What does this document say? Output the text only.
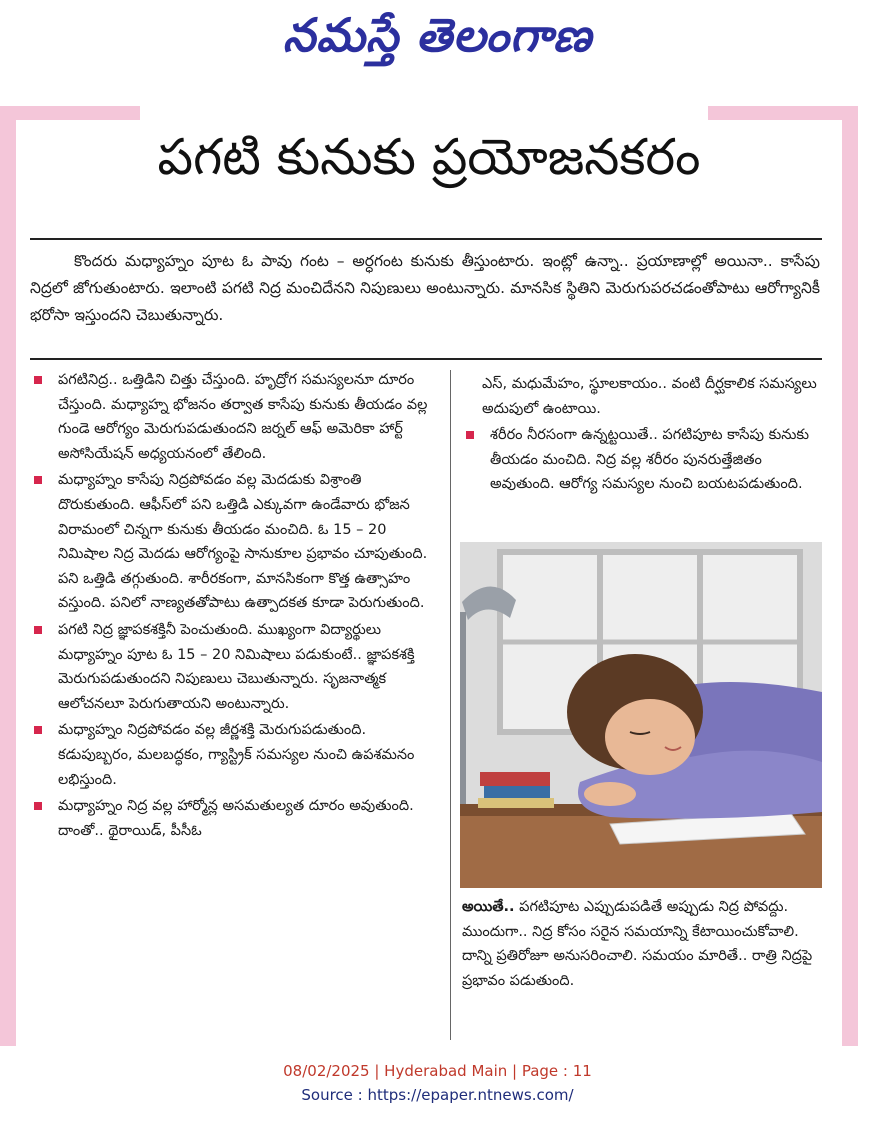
నమస్తే తెలంగాణ
పగటి కునుకు ప్రయోజనకరం
కొందరు మధ్యాహ్నం పూట ఓ పావు గంట – అర్ధగంట కునుకు తీస్తుంటారు. ఇంట్లో ఉన్నా.. ప్రయాణాల్లో అయినా.. కాసేపు నిద్రలో జోగుతుంటారు. ఇలాంటి పగటి నిద్ర మంచిదేనని నిపుణులు అంటున్నారు. మానసిక స్థితిని మెరుగుపరచడంతోపాటు ఆరోగ్యానికీ భరోసా ఇస్తుందని చెబుతున్నారు.

పగటినిద్ర.. ఒత్తిడిని చిత్తు చేస్తుంది. హృద్రోగ సమస్యలనూ దూరం చేస్తుంది. మధ్యాహ్న భోజనం తర్వాత కాసేపు కునుకు తీయడం వల్ల గుండె ఆరోగ్యం మెరుగుపడుతుందని జర్నల్ ఆఫ్ అమెరికా హార్ట్ అసోసియేషన్ అధ్యయనంలో తేలింది.

మధ్యాహ్నం కాసేపు నిద్రపోవడం వల్ల మెదడుకు విశ్రాంతి దొరుకుతుంది. ఆఫీస్‌లో పని ఒత్తిడి ఎక్కువగా ఉండేవారు భోజన విరామంలో చిన్నగా కునుకు తీయడం మంచిది. ఓ 15 – 20 నిమిషాల నిద్ర మెదడు ఆరోగ్యంపై సానుకూల ప్రభావం చూపుతుంది. పని ఒత్తిడి తగ్గుతుంది. శారీరకంగా, మానసికంగా కొత్త ఉత్సాహం వస్తుంది. పనిలో నాణ్యతతోపాటు ఉత్పాదకత కూడా పెరుగుతుంది.

పగటి నిద్ర జ్ఞాపకశక్తినీ పెంచుతుంది. ముఖ్యంగా విద్యార్థులు మధ్యాహ్నం పూట ఓ 15 – 20 నిమిషాలు పడుకుంటే.. జ్ఞాపకశక్తి మెరుగుపడుతుందని నిపుణులు చెబుతున్నారు. సృజనాత్మక ఆలోచనలూ పెరుగుతాయని అంటున్నారు.

మధ్యాహ్నం నిద్రపోవడం వల్ల జీర్ణశక్తి మెరుగుపడుతుంది. కడుపుబ్బరం, మలబద్ధకం, గ్యాస్ట్రిక్ సమస్యల నుంచి ఉపశమనం లభిస్తుంది.

మధ్యాహ్నం నిద్ర వల్ల హార్మోన్ల అసమతుల్యత దూరం అవుతుంది. దాంతో.. థైరాయిడ్, పీసీఓ

ఎస్, మధుమేహం, స్థూలకాయం.. వంటి దీర్ఘకాలిక సమస్యలు అదుపులో ఉంటాయి.

శరీరం నీరసంగా ఉన్నట్టయితే.. పగటిపూట కాసేపు కునుకు తీయడం మంచిది. నిద్ర వల్ల శరీరం పునరుత్తేజితం అవుతుంది. ఆరోగ్య సమస్యల నుంచి బయటపడుతుంది.

అయితే.. పగటిపూట ఎప్పుడుపడితే అప్పుడు నిద్ర పోవద్దు. ముందుగా.. నిద్ర కోసం సరైన సమయాన్ని కేటాయించుకోవాలి. దాన్ని ప్రతిరోజూ అనుసరించాలి. సమయం మారితే.. రాత్రి నిద్రపై ప్రభావం పడుతుంది.

08/02/2025 | Hyderabad Main | Page : 11
Source : https://epaper.ntnews.com/
